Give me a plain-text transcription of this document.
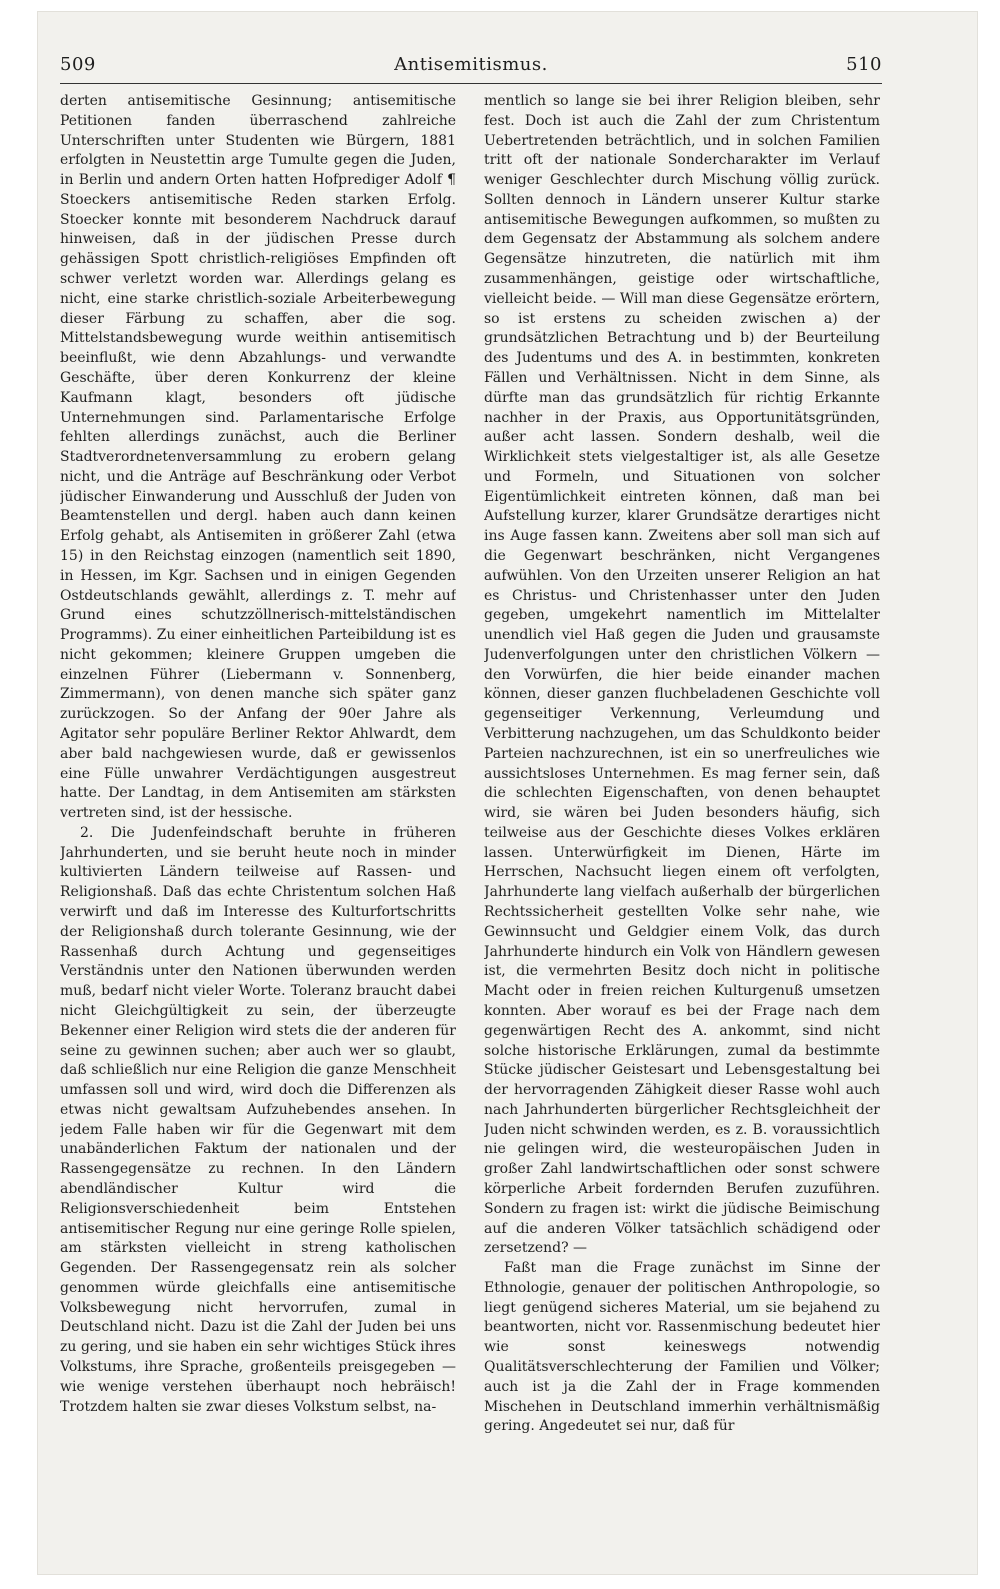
509	Antisemitismus.	510

derten antisemitische Gesinnung; antisemitische Petitionen fanden überraschend zahlreiche Unterschriften unter Studenten wie Bürgern, 1881 erfolgten in Neustettin arge Tumulte gegen die Juden, in Berlin und andern Orten hatten Hofprediger Adolf ¶ Stoeckers antisemitische Reden starken Erfolg. Stoecker konnte mit besonderem Nachdruck darauf hinweisen, daß in der jüdischen Presse durch gehässigen Spott christlich-religiöses Empfinden oft schwer verletzt worden war. Allerdings gelang es nicht, eine starke christlich-soziale Arbeiterbewegung dieser Färbung zu schaffen, aber die sog. Mittelstandsbewegung wurde weithin antisemitisch beeinflußt, wie denn Abzahlungs- und verwandte Geschäfte, über deren Konkurrenz der kleine Kaufmann klagt, besonders oft jüdische Unternehmungen sind. Parlamentarische Erfolge fehlten allerdings zunächst, auch die Berliner Stadtverordnetenversammlung zu erobern gelang nicht, und die Anträge auf Beschränkung oder Verbot jüdischer Einwanderung und Ausschluß der Juden von Beamtenstellen und dergl. haben auch dann keinen Erfolg gehabt, als Antisemiten in größerer Zahl (etwa 15) in den Reichstag einzogen (namentlich seit 1890, in Hessen, im Kgr. Sachsen und in einigen Gegenden Ostdeutschlands gewählt, allerdings z. T. mehr auf Grund eines schutzzöllnerisch-mittelständischen Programms). Zu einer einheitlichen Parteibildung ist es nicht gekommen; kleinere Gruppen umgeben die einzelnen Führer (Liebermann v. Sonnenberg, Zimmermann), von denen manche sich später ganz zurückzogen. So der Anfang der 90er Jahre als Agitator sehr populäre Berliner Rektor Ahlwardt, dem aber bald nachgewiesen wurde, daß er gewissenlos eine Fülle unwahrer Verdächtigungen ausgestreut hatte. Der Landtag, in dem Antisemiten am stärksten vertreten sind, ist der hessische.

2. Die Judenfeindschaft beruhte in früheren Jahrhunderten, und sie beruht heute noch in minder kultivierten Ländern teilweise auf Rassen- und Religionshaß. Daß das echte Christentum solchen Haß verwirft und daß im Interesse des Kulturfortschritts der Religionshaß durch tolerante Gesinnung, wie der Rassenhaß durch Achtung und gegenseitiges Verständnis unter den Nationen überwunden werden muß, bedarf nicht vieler Worte. Toleranz braucht dabei nicht Gleichgültigkeit zu sein, der überzeugte Bekenner einer Religion wird stets die der anderen für seine zu gewinnen suchen; aber auch wer so glaubt, daß schließlich nur eine Religion die ganze Menschheit umfassen soll und wird, wird doch die Differenzen als etwas nicht gewaltsam Aufzuhebendes ansehen. In jedem Falle haben wir für die Gegenwart mit dem unabänderlichen Faktum der nationalen und der Rassengegensätze zu rechnen. In den Ländern abendländischer Kultur wird die Religionsverschiedenheit beim Entstehen antisemitischer Regung nur eine geringe Rolle spielen, am stärksten vielleicht in streng katholischen Gegenden. Der Rassengegensatz rein als solcher genommen würde gleichfalls eine antisemitische Volksbewegung nicht hervorrufen, zumal in Deutschland nicht. Dazu ist die Zahl der Juden bei uns zu gering, und sie haben ein sehr wichtiges Stück ihres Volkstums, ihre Sprache, großenteils preisgegeben — wie wenige verstehen überhaupt noch hebräisch! Trotzdem halten sie zwar dieses Volkstum selbst, na-

mentlich so lange sie bei ihrer Religion bleiben, sehr fest. Doch ist auch die Zahl der zum Christentum Uebertretenden beträchtlich, und in solchen Familien tritt oft der nationale Sondercharakter im Verlauf weniger Geschlechter durch Mischung völlig zurück. Sollten dennoch in Ländern unserer Kultur starke antisemitische Bewegungen aufkommen, so mußten zu dem Gegensatz der Abstammung als solchem andere Gegensätze hinzutreten, die natürlich mit ihm zusammenhängen, geistige oder wirtschaftliche, vielleicht beide. — Will man diese Gegensätze erörtern, so ist erstens zu scheiden zwischen a) der grundsätzlichen Betrachtung und b) der Beurteilung des Judentums und des A. in bestimmten, konkreten Fällen und Verhältnissen. Nicht in dem Sinne, als dürfte man das grundsätzlich für richtig Erkannte nachher in der Praxis, aus Opportunitätsgründen, außer acht lassen. Sondern deshalb, weil die Wirklichkeit stets vielgestaltiger ist, als alle Gesetze und Formeln, und Situationen von solcher Eigentümlichkeit eintreten können, daß man bei Aufstellung kurzer, klarer Grundsätze derartiges nicht ins Auge fassen kann. Zweitens aber soll man sich auf die Gegenwart beschränken, nicht Vergangenes aufwühlen. Von den Urzeiten unserer Religion an hat es Christus- und Christenhasser unter den Juden gegeben, umgekehrt namentlich im Mittelalter unendlich viel Haß gegen die Juden und grausamste Judenverfolgungen unter den christlichen Völkern — den Vorwürfen, die hier beide einander machen können, dieser ganzen fluchbeladenen Geschichte voll gegenseitiger Verkennung, Verleumdung und Verbitterung nachzugehen, um das Schuldkonto beider Parteien nachzurechnen, ist ein so unerfreuliches wie aussichtsloses Unternehmen. Es mag ferner sein, daß die schlechten Eigenschaften, von denen behauptet wird, sie wären bei Juden besonders häufig, sich teilweise aus der Geschichte dieses Volkes erklären lassen. Unterwürfigkeit im Dienen, Härte im Herrschen, Nachsucht liegen einem oft verfolgten, Jahrhunderte lang vielfach außerhalb der bürgerlichen Rechtssicherheit gestellten Volke sehr nahe, wie Gewinnsucht und Geldgier einem Volk, das durch Jahrhunderte hindurch ein Volk von Händlern gewesen ist, die vermehrten Besitz doch nicht in politische Macht oder in freien reichen Kulturgenuß umsetzen konnten. Aber worauf es bei der Frage nach dem gegenwärtigen Recht des A. ankommt, sind nicht solche historische Erklärungen, zumal da bestimmte Stücke jüdischer Geistesart und Lebensgestaltung bei der hervorragenden Zähigkeit dieser Rasse wohl auch nach Jahrhunderten bürgerlicher Rechtsgleichheit der Juden nicht schwinden werden, es z. B. voraussichtlich nie gelingen wird, die westeuropäischen Juden in großer Zahl landwirtschaftlichen oder sonst schwere körperliche Arbeit fordernden Berufen zuzuführen. Sondern zu fragen ist: wirkt die jüdische Beimischung auf die anderen Völker tatsächlich schädigend oder zersetzend? —

Faßt man die Frage zunächst im Sinne der Ethnologie, genauer der politischen Anthropologie, so liegt genügend sicheres Material, um sie bejahend zu beantworten, nicht vor. Rassenmischung bedeutet hier wie sonst keineswegs notwendig Qualitätsverschlechterung der Familien und Völker; auch ist ja die Zahl der in Frage kommenden Mischehen in Deutschland immerhin verhältnismäßig gering. Angedeutet sei nur, daß für
